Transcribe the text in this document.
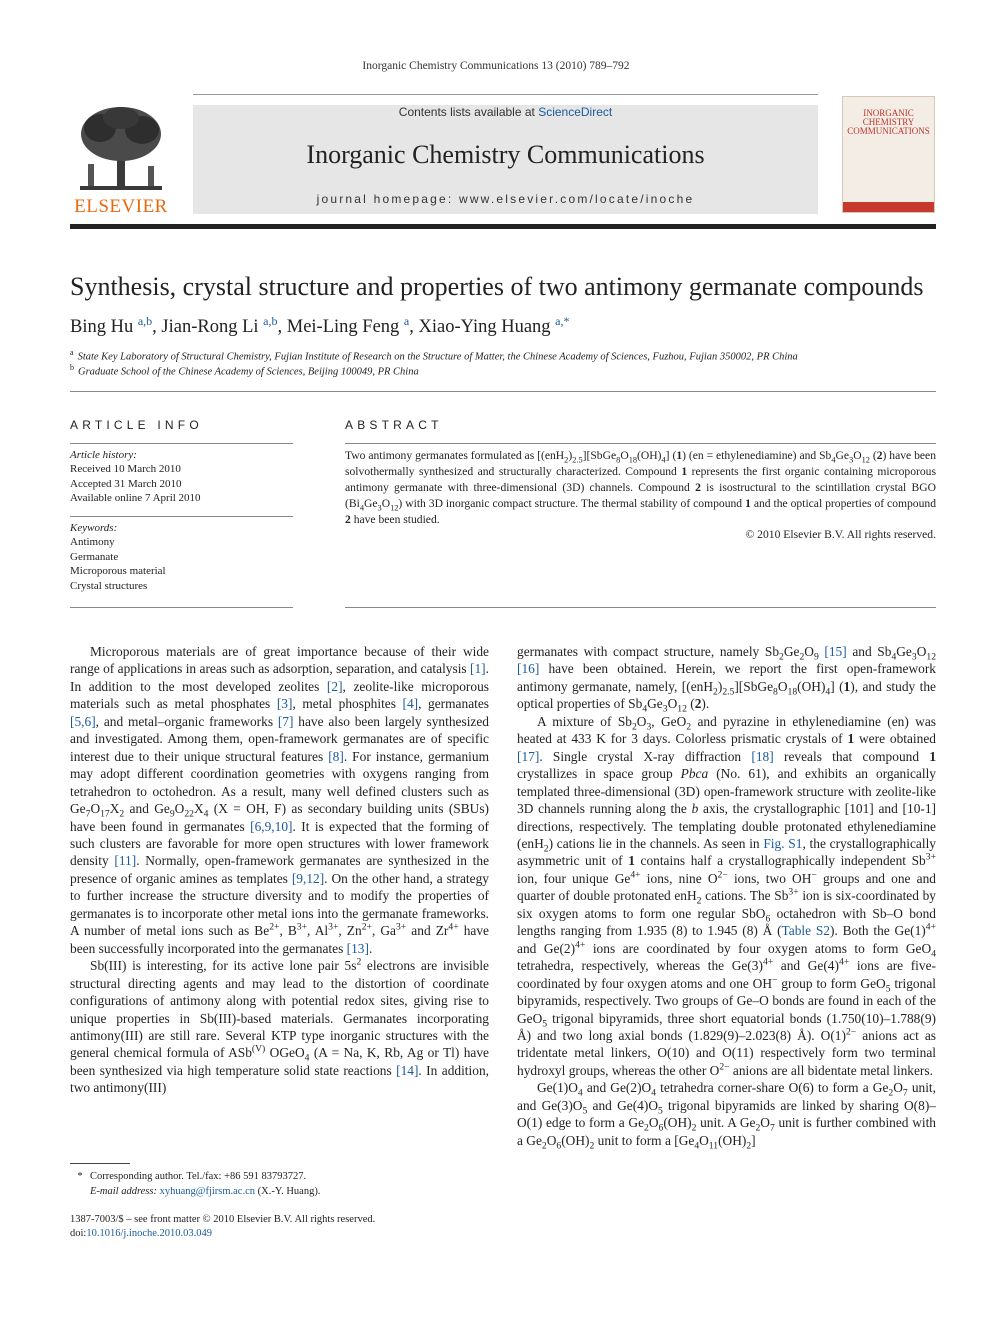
Inorganic Chemistry Communications 13 (2010) 789–792
ELSEVIER
Contents lists available at ScienceDirect
Inorganic Chemistry Communications
journal homepage: www.elsevier.com/locate/inoche
INORGANIC CHEMISTRY COMMUNICATIONS
Synthesis, crystal structure and properties of two antimony germanate compounds
Bing Hu $^{a,b}$, Jian-Rong Li $^{a,b}$, Mei-Ling Feng $^a$, Xiao-Ying Huang $^{a,*}$
$^a$ State Key Laboratory of Structural Chemistry, Fujian Institute of Research on the Structure of Matter, the Chinese Academy of Sciences, Fuzhou, Fujian 350002, PR China
$^b$ Graduate School of the Chinese Academy of Sciences, Beijing 100049, PR China
ARTICLE INFO
Article history:
Received 10 March 2010
Accepted 31 March 2010
Available online 7 April 2010
Keywords:
Antimony
Germanate
Microporous material
Crystal structures
ABSTRACT
Two antimony germanates formulated as $[(enH_2)_{2.5}][SbGe_8O_{18}(OH)_4]$ (1) (en = ethylenediamine) and $Sb_4Ge_3O_{12}$ (2) have been solvothermally synthesized and structurally characterized. Compound 1 represents the first organic containing microporous antimony germanate with three-dimensional (3D) channels. Compound 2 is isostructural to the scintillation crystal BGO $(Bi_4Ge_3O_{12})$ with 3D inorganic compact structure. The thermal stability of compound 1 and the optical properties of compound 2 have been studied.
© 2010 Elsevier B.V. All rights reserved.

Microporous materials are of great importance because of their wide range of applications in areas such as adsorption, separation, and catalysis [1]. In addition to the most developed zeolites [2], zeolite-like microporous materials such as metal phosphates [3], metal phosphites [4], germanates [5,6], and metal–organic frameworks [7] have also been largely synthesized and investigated. Among them, open-framework germanates are of specific interest due to their unique structural features [8]. For instance, germanium may adopt different coordination geometries with oxygens ranging from tetrahedron to octohedron. As a result, many well defined clusters such as $Ge_7O_{17}X_2$ and $Ge_9O_{22}X_4$ (X = OH, F) as secondary building units (SBUs) have been found in germanates [6,9,10]. It is expected that the forming of such clusters are favorable for more open structures with lower framework density [11]. Normally, open-framework germanates are synthesized in the presence of organic amines as templates [9,12]. On the other hand, a strategy to further increase the structure diversity and to modify the properties of germanates is to incorporate other metal ions into the germanate frameworks. A number of metal ions such as $Be^{2+}$, $B^{3+}$, $Al^{3+}$, $Zn^{2+}$, $Ga^{3+}$ and $Zr^{4+}$ have been successfully incorporated into the germanates [13].

Sb(III) is interesting, for its active lone pair $5s^2$ electrons are invisible structural directing agents and may lead to the distortion of coordinate configurations of antimony along with potential redox sites, giving rise to unique properties in Sb(III)-based materials. Germanates incorporating antimony(III) are still rare. Several KTP type inorganic structures with the general chemical formula of ASb$^{(V)}$ OGeO$_4$ (A = Na, K, Rb, Ag or Tl) have been synthesized via high temperature solid state reactions [14]. In addition, two antimony(III)

germanates with compact structure, namely $Sb_2Ge_2O_9$ [15] and $Sb_4Ge_3O_{12}$ [16] have been obtained. Herein, we report the first open-framework antimony germanate, namely, $[(enH_2)_{2.5}][SbGe_8O_{18}(OH)_4]$ (1), and study the optical properties of $Sb_4Ge_3O_{12}$ (2).

A mixture of $Sb_2O_3$, GeO$_2$ and pyrazine in ethylenediamine (en) was heated at 433 K for 3 days. Colorless prismatic crystals of 1 were obtained [17]. Single crystal X-ray diffraction [18] reveals that compound 1 crystallizes in space group Pbca (No. 61), and exhibits an organically templated three-dimensional (3D) open-framework structure with zeolite-like 3D channels running along the b axis, the crystallographic [101] and [10-1] directions, respectively. The templating double protonated ethylenediamine (enH$_2$) cations lie in the channels. As seen in Fig. S1, the crystallographically asymmetric unit of 1 contains half a crystallographically independent $Sb^{3+}$ ion, four unique $Ge^{4+}$ ions, nine $O^{2-}$ ions, two OH− groups and one and quarter of double protonated enH$_2$ cations. The $Sb^{3+}$ ion is six-coordinated by six oxygen atoms to form one regular SbO$_6$ octahedron with Sb–O bond lengths ranging from 1.935 (8) to 1.945 (8) Å (Table S2). Both the $Ge(1)^{4+}$ and $Ge(2)^{4+}$ ions are coordinated by four oxygen atoms to form GeO$_4$ tetrahedra, respectively, whereas the $Ge(3)^{4+}$ and $Ge(4)^{4+}$ ions are five-coordinated by four oxygen atoms and one OH− group to form GeO$_5$ trigonal bipyramids, respectively. Two groups of Ge–O bonds are found in each of the GeO$_5$ trigonal bipyramids, three short equatorial bonds (1.750(10)–1.788(9) Å) and two long axial bonds (1.829(9)–2.023(8) Å). $O(1)^{2-}$ anions act as tridentate metal linkers, O(10) and O(11) respectively form two terminal hydroxyl groups, whereas the other $O^{2-}$ anions are all bidentate metal linkers.

$Ge(1)O_4$ and $Ge(2)O_4$ tetrahedra corner-share O(6) to form a $Ge_2O_7$ unit, and $Ge(3)O_5$ and $Ge(4)O_5$ trigonal bipyramids are linked by sharing O(8)–O(1) edge to form a $Ge_2O_6(OH)_2$ unit. A $Ge_2O_7$ unit is further combined with a $Ge_2O_6(OH)_2$ unit to form a $[Ge_4O_{11}(OH)_2]$

* Corresponding author. Tel./fax: +86 591 83793727.
E-mail address: xyhuang@fjirsm.ac.cn (X.-Y. Huang).
1387-7003/$ – see front matter © 2010 Elsevier B.V. All rights reserved.
doi:10.1016/j.inoche.2010.03.049
